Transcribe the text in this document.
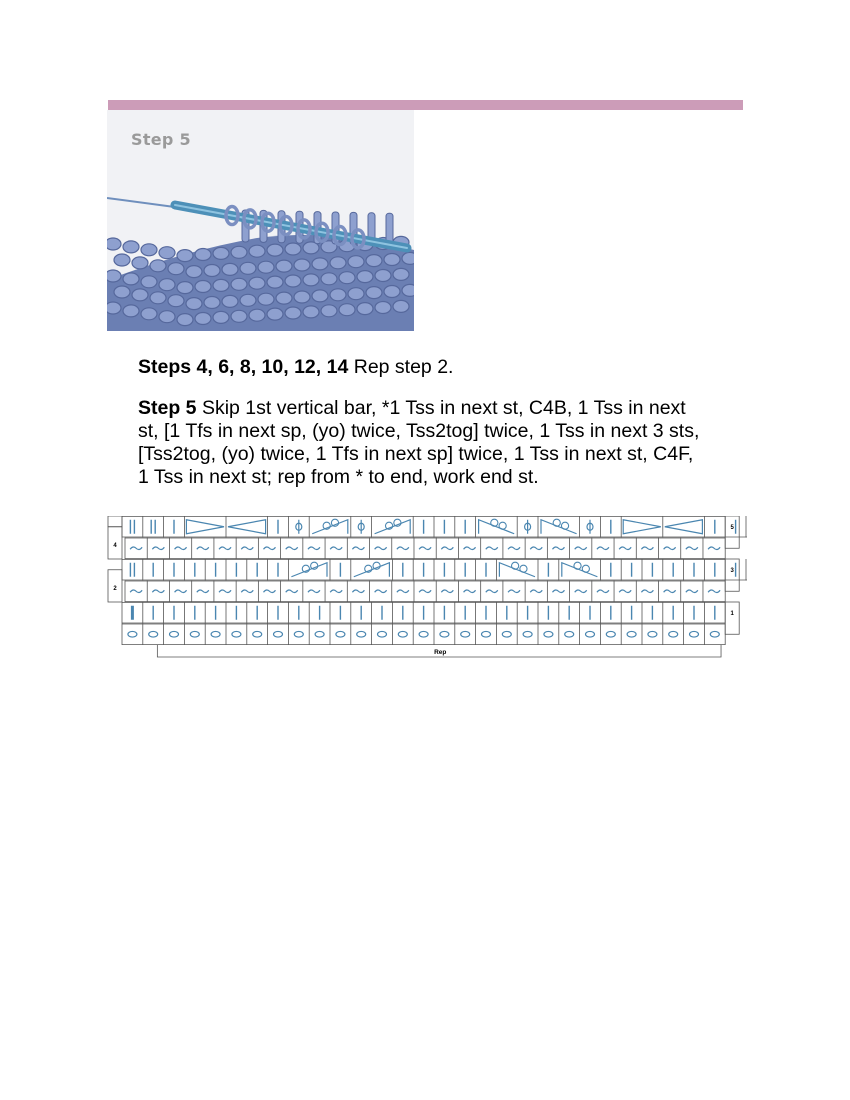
Step 5
Steps 4, 6, 8, 10, 12, 14 Rep step 2.
Step 5 Skip 1st vertical bar, *1 Tss in next st, C4B, 1 Tss in next
st, [1 Tfs in next sp, (yo) twice, Tss2tog] twice, 1 Tss in next 3 sts,
[Tss2tog, (yo) twice, 1 Tfs in next sp] twice, 1 Tss in next st, C4F,
1 Tss in next st; rep from * to end, work end st.
5
3
1
4
2
Rep
